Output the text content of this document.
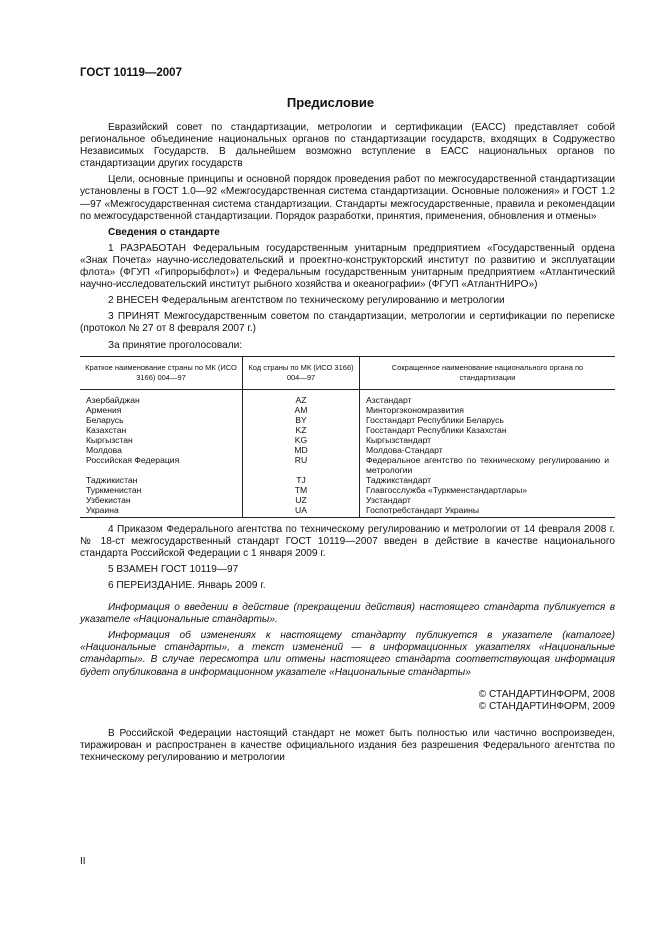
ГОСТ 10119—2007
Предисловие

Евразийский совет по стандартизации, метрологии и сертификации (ЕАСС) представляет собой региональное объединение национальных органов по стандартизации государств, входящих в Содружество Независимых Государств. В дальнейшем возможно вступление в ЕАСС национальных органов по стандартизации других государств

Цели, основные принципы и основной порядок проведения работ по межгосударственной стандартизации установлены в ГОСТ 1.0—92 «Межгосударственная система стандартизации. Основные положения» и ГОСТ 1.2—97 «Межгосударственная система стандартизации. Стандарты межгосударственные, правила и рекомендации по межгосударственной стандартизации. Порядок разработки, принятия, применения, обновления и отмены»

Сведения о стандарте

1 РАЗРАБОТАН Федеральным государственным унитарным предприятием «Государственный ордена «Знак Почета» научно-исследовательский и проектно-конструкторский институт по развитию и эксплуатации флота» (ФГУП «Гипрорыбфлот») и Федеральным государственным унитарным предприятием «Атлантический научно-исследовательский институт рыбного хозяйства и океанографии» (ФГУП «АтлантНИРО»)

2 ВНЕСЕН Федеральным агентством по техническому регулированию и метрологии

3 ПРИНЯТ Межгосударственным советом по стандартизации, метрологии и сертификации по переписке (протокол № 27 от 8 февраля 2007 г.)

За принятие проголосовали:

Краткое наименование страны по МК (ИСО 3166) 004—97	Код страны по МК (ИСО 3166) 004—97	Сокращенное наименование национального органа по стандартизации
Азербайджан	AZ	Азстандарт
Армения	AM	Минторгэкономразвития
Беларусь	BY	Госстандарт Республики Беларусь
Казахстан	KZ	Госстандарт Республики Казахстан
Кыргызстан	KG	Кыргызстандарт
Молдова	MD	Молдова-Стандарт
Российская Федерация	RU	Федеральное агентство по техническому регулированию и метрологии
Таджикистан	TJ	Таджикстандарт
Туркменистан	TM	Главгосслужба «Туркменстандартлары»
Узбекистан	UZ	Узстандарт
Украина	UA	Госпотребстандарт Украины

4 Приказом Федерального агентства по техническому регулированию и метрологии от 14 февраля 2008 г. № 18-ст межгосударственный стандарт ГОСТ 10119—2007 введен в действие в качестве национального стандарта Российской Федерации с 1 января 2009 г.

5 ВЗАМЕН ГОСТ 10119—97

6 ПЕРЕИЗДАНИЕ. Январь 2009 г.

Информация о введении в действие (прекращении действия) настоящего стандарта публикуется в указателе «Национальные стандарты».

Информация об изменениях к настоящему стандарту публикуется в указателе (каталоге) «Национальные стандарты», а текст изменений — в информационных указателях «Национальные стандарты». В случае пересмотра или отмены настоящего стандарта соответствующая информация будет опубликована в информационном указателе «Национальные стандарты»

© СТАНДАРТИНФОРМ, 2008

© СТАНДАРТИНФОРМ, 2009

В Российской Федерации настоящий стандарт не может быть полностью или частично воспроизведен, тиражирован и распространен в качестве официального издания без разрешения Федерального агентства по техническому регулированию и метрологии

II
